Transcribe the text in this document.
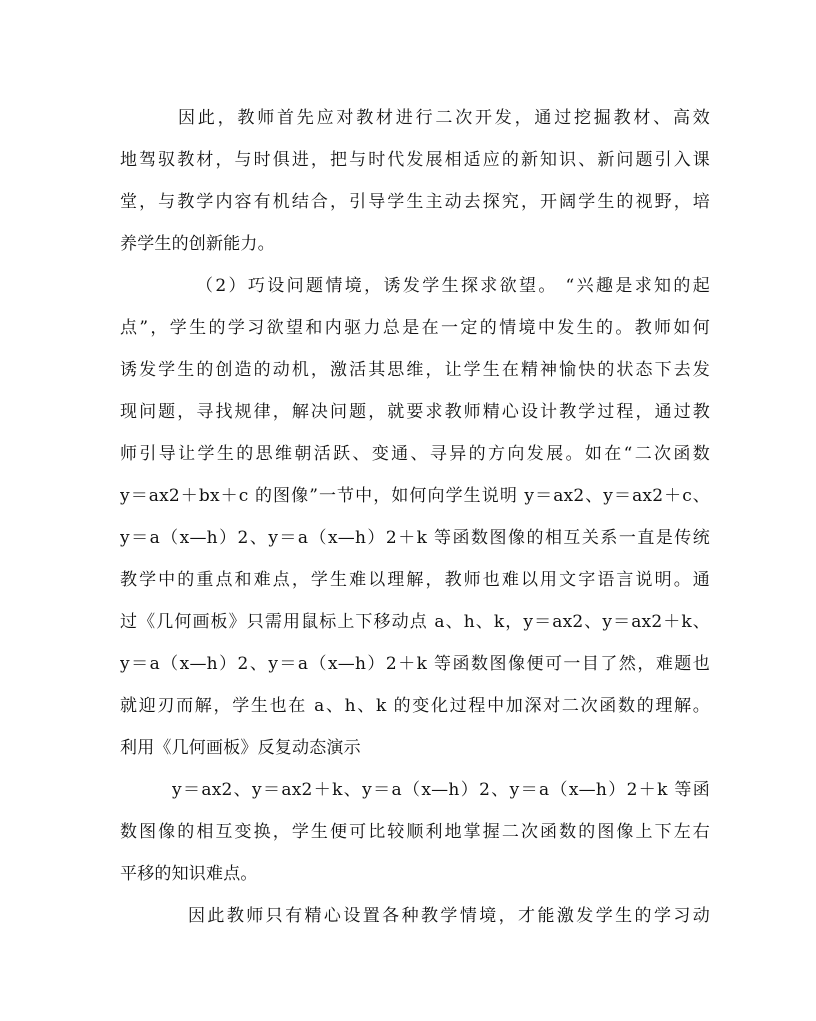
因此，教师首先应对教材进行二次开发，通过挖掘教材、高效
地驾驭教材，与时俱进，把与时代发展相适应的新知识、新问题引入课
堂，与教学内容有机结合，引导学生主动去探究，开阔学生的视野，培
养学生的创新能力。
（2）巧设问题情境，诱发学生探求欲望。 “兴趣是求知的起
点”，学生的学习欲望和内驱力总是在一定的情境中发生的。教师如何
诱发学生的创造的动机，激活其思维，让学生在精神愉快的状态下去发
现问题，寻找规律，解决问题，就要求教师精心设计教学过程，通过教
师引导让学生的思维朝活跃、变通、寻异的方向发展。如在“二次函数
y＝ax2＋bx＋c 的图像”一节中，如何向学生说明 y＝ax2、y＝ax2＋c、
y＝a（x—h）2、y＝a（x—h）2＋k 等函数图像的相互关系一直是传统
教学中的重点和难点，学生难以理解，教师也难以用文字语言说明。通
过《几何画板》只需用鼠标上下移动点 a、h、k，y＝ax2、y＝ax2＋k、
y＝a（x—h）2、y＝a（x—h）2＋k 等函数图像便可一目了然，难题也
就迎刃而解，学生也在 a、h、k 的变化过程中加深对二次函数的理解。
利用《几何画板》反复动态演示
y＝ax2、y＝ax2＋k、y＝a（x—h）2、y＝a（x—h）2＋k 等函
数图像的相互变换，学生便可比较顺利地掌握二次函数的图像上下左右
平移的知识难点。
因此教师只有精心设置各种教学情境，才能激发学生的学习动
